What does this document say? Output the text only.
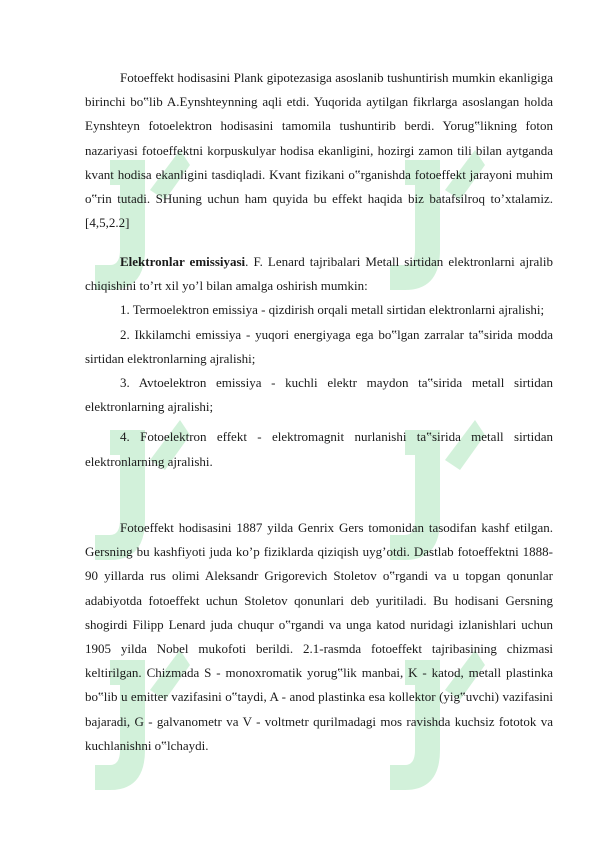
Fotoeffekt hodisasini Plank gipotezasiga asoslanib tushuntirish mumkin ekanligiga birinchi bo‟lib A.Eynshteynning aqli etdi. Yuqorida aytilgan fikrlarga asoslangan holda Eynshteyn fotoelektron hodisasini tamomila tushuntirib berdi. Yorug‟likning foton nazariyasi fotoeffektni korpuskulyar hodisa ekanligini, hozirgi zamon tili bilan aytganda kvant hodisa ekanligini tasdiqladi. Kvant fizikani o‟rganishda fotoeffekt jarayoni muhim o‟rin tutadi. SHuning uchun ham quyida bu effekt haqida biz batafsilroq to’xtalamiz.[4,5,2.2]

Elektronlar emissiyasi. F. Lenard tajribalari Metall sirtidan elektronlarni ajralib chiqishini to’rt xil yo’l bilan amalga oshirish mumkin:

1. Termoelektron emissiya - qizdirish orqali metall sirtidan elektronlarni ajralishi;

2. Ikkilamchi emissiya - yuqori energiyaga ega bo‟lgan zarralar ta‟sirida modda sirtidan elektronlarning ajralishi;

3. Avtoelektron emissiya - kuchli elektr maydon ta‟sirida metall sirtidan elektronlarning ajralishi;

4. Fotoelektron effekt - elektromagnit nurlanishi ta‟sirida metall sirtidan elektronlarning ajralishi.

Fotoeffekt hodisasini 1887 yilda Genrix Gers tomonidan tasodifan kashf etilgan. Gersning bu kashfiyoti juda ko’p fiziklarda qiziqish uyg’otdi. Dastlab fotoeffektni 1888-90 yillarda rus olimi Aleksandr Grigorevich Stoletov o‟rgandi va u topgan qonunlar adabiyotda fotoeffekt uchun Stoletov qonunlari deb yuritiladi. Bu hodisani Gersning shogirdi Filipp Lenard juda chuqur o‟rgandi va unga katod nuridagi izlanishlari uchun 1905 yilda Nobel mukofoti berildi. 2.1-rasmda fotoeffekt tajribasining chizmasi keltirilgan. Chizmada S - monoxromatik yorug‟lik manbai, K - katod, metall plastinka bo‟lib u emitter vazifasini o‟taydi, A - anod plastinka esa kollektor (yig‟uvchi) vazifasini bajaradi, G - galvanometr va V - voltmetr qurilmadagi mos ravishda kuchsiz fototok va kuchlanishni o‟lchaydi.
